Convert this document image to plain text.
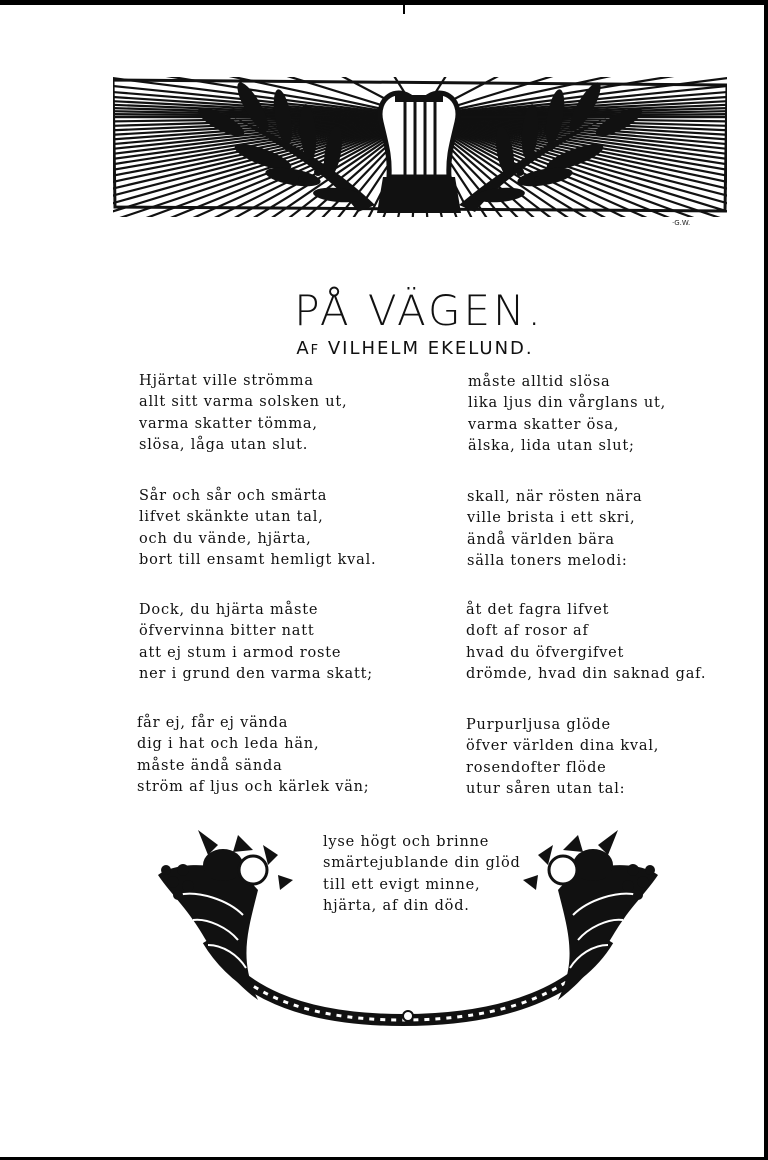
·G.W.
PÅ VÄGEN.
Af VILHELM EKELUND.
Hjärtat ville strömma
allt sitt varma solsken ut,
varma skatter tömma,
slösa, låga utan slut.
Sår och sår och smärta
lifvet skänkte utan tal,
och du vände, hjärta,
bort till ensamt hemligt kval.
Dock, du hjärta måste
öfvervinna bitter natt
att ej stum i armod roste
ner i grund den varma skatt;
får ej, får ej vända
dig i hat och leda hän,
måste ändå sända
ström af ljus och kärlek vän;
måste alltid slösa
lika ljus din vårglans ut,
varma skatter ösa,
älska, lida utan slut;
skall, när rösten nära
ville brista i ett skri,
ändå världen bära
sälla toners melodi:
åt det fagra lifvet
doft af rosor af
hvad du öfvergifvet
drömde, hvad din saknad gaf.
Purpurljusa glöde
öfver världen dina kval,
rosendofter flöde
utur såren utan tal:
lyse högt och brinne
smärtejublande din glöd
till ett evigt minne,
hjärta, af din död.
